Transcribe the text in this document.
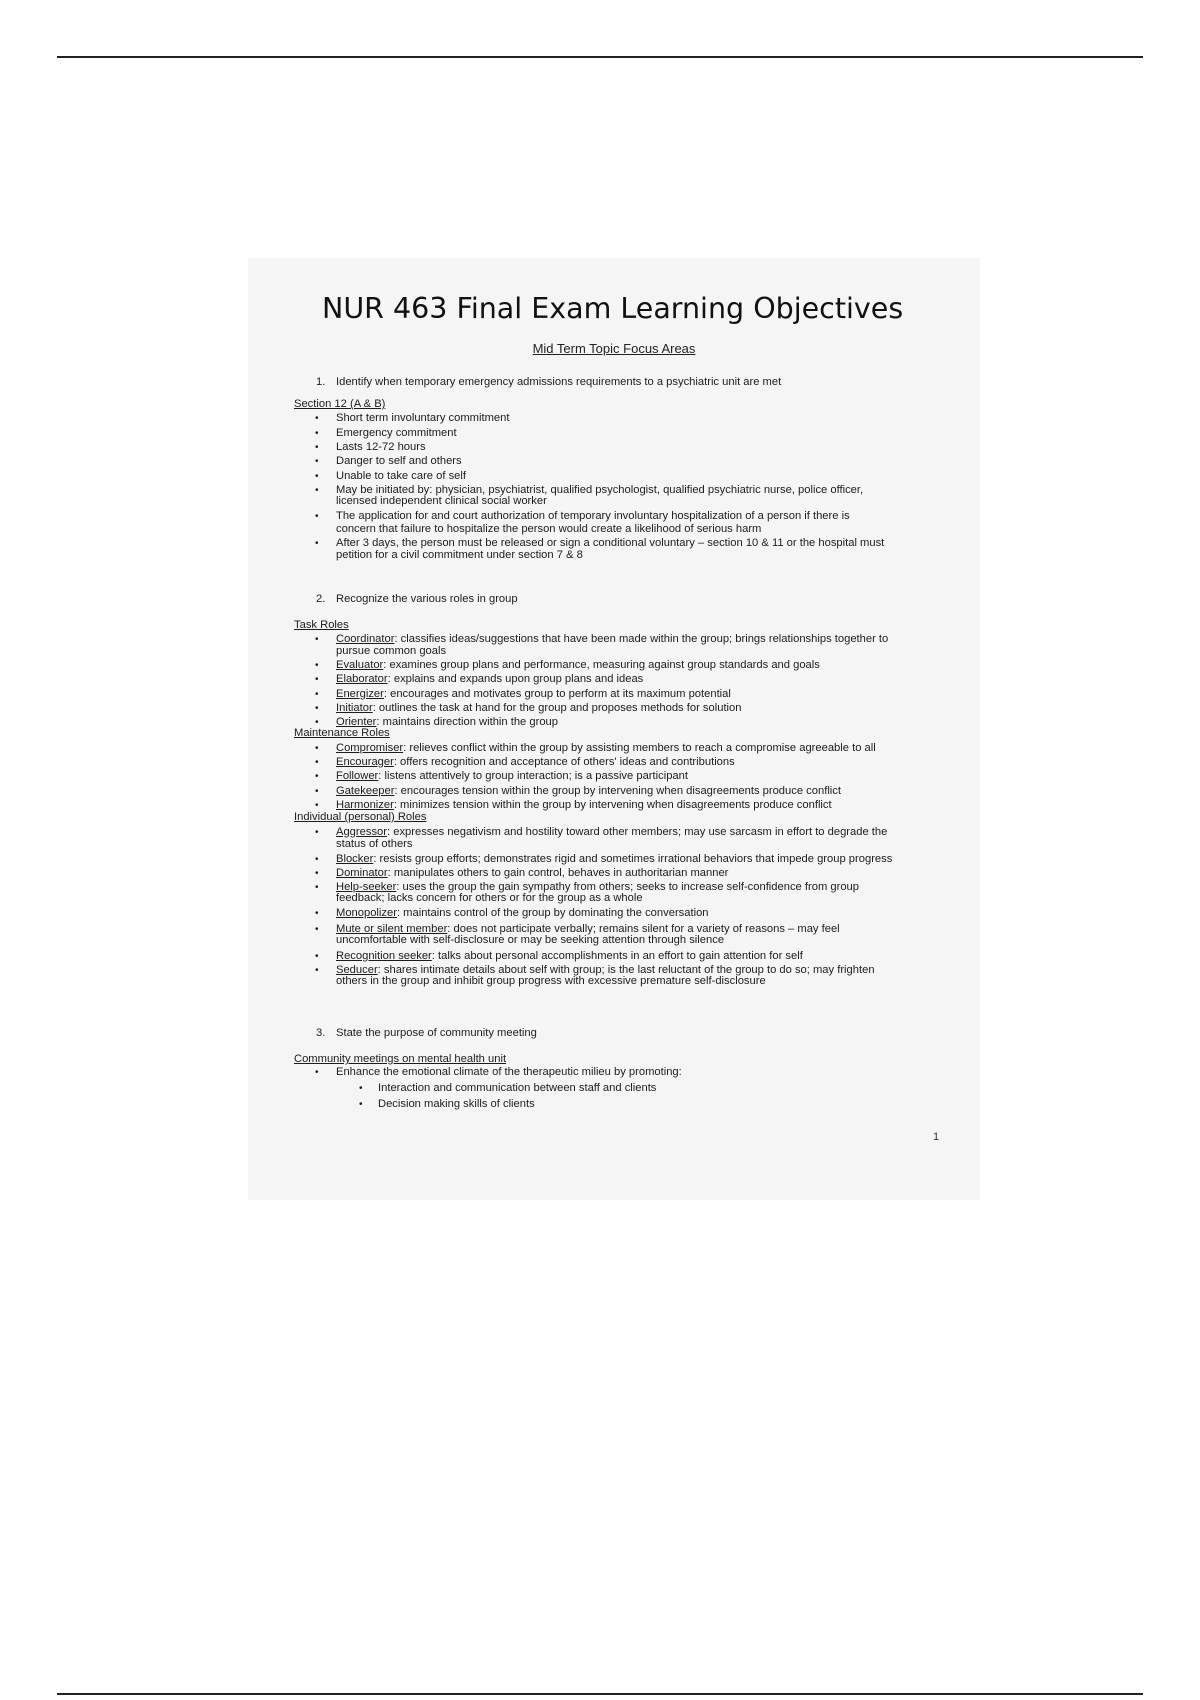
NUR 463 Final Exam Learning Objectives
Mid Term Topic Focus Areas
1. Identify when temporary emergency admissions requirements to a psychiatric unit are met
Section 12 (A & B)
• Short term involuntary commitment
• Emergency commitment
• Lasts 12-72 hours
• Danger to self and others
• Unable to take care of self
• May be initiated by: physician, psychiatrist, qualified psychologist, qualified psychiatric nurse, police officer,
licensed independent clinical social worker
• The application for and court authorization of temporary involuntary hospitalization of a person if there is
concern that failure to hospitalize the person would create a likelihood of serious harm
• After 3 days, the person must be released or sign a conditional voluntary – section 10 & 11 or the hospital must
petition for a civil commitment under section 7 & 8
2. Recognize the various roles in group
Task Roles
• Coordinator: classifies ideas/suggestions that have been made within the group; brings relationships together to
pursue common goals
• Evaluator: examines group plans and performance, measuring against group standards and goals
• Elaborator: explains and expands upon group plans and ideas
• Energizer: encourages and motivates group to perform at its maximum potential
• Initiator: outlines the task at hand for the group and proposes methods for solution
• Orienter: maintains direction within the group
Maintenance Roles
• Compromiser: relieves conflict within the group by assisting members to reach a compromise agreeable to all
• Encourager: offers recognition and acceptance of others' ideas and contributions
• Follower: listens attentively to group interaction; is a passive participant
• Gatekeeper: encourages tension within the group by intervening when disagreements produce conflict
• Harmonizer: minimizes tension within the group by intervening when disagreements produce conflict
Individual (personal) Roles
• Aggressor: expresses negativism and hostility toward other members; may use sarcasm in effort to degrade the
status of others
• Blocker: resists group efforts; demonstrates rigid and sometimes irrational behaviors that impede group progress
• Dominator: manipulates others to gain control, behaves in authoritarian manner
• Help-seeker: uses the group the gain sympathy from others; seeks to increase self-confidence from group
feedback; lacks concern for others or for the group as a whole
• Monopolizer: maintains control of the group by dominating the conversation
• Mute or silent member: does not participate verbally; remains silent for a variety of reasons – may feel
uncomfortable with self-disclosure or may be seeking attention through silence
• Recognition seeker: talks about personal accomplishments in an effort to gain attention for self
• Seducer: shares intimate details about self with group; is the last reluctant of the group to do so; may frighten
others in the group and inhibit group progress with excessive premature self-disclosure
3. State the purpose of community meeting
Community meetings on mental health unit
• Enhance the emotional climate of the therapeutic milieu by promoting:
• Interaction and communication between staff and clients
• Decision making skills of clients
1
